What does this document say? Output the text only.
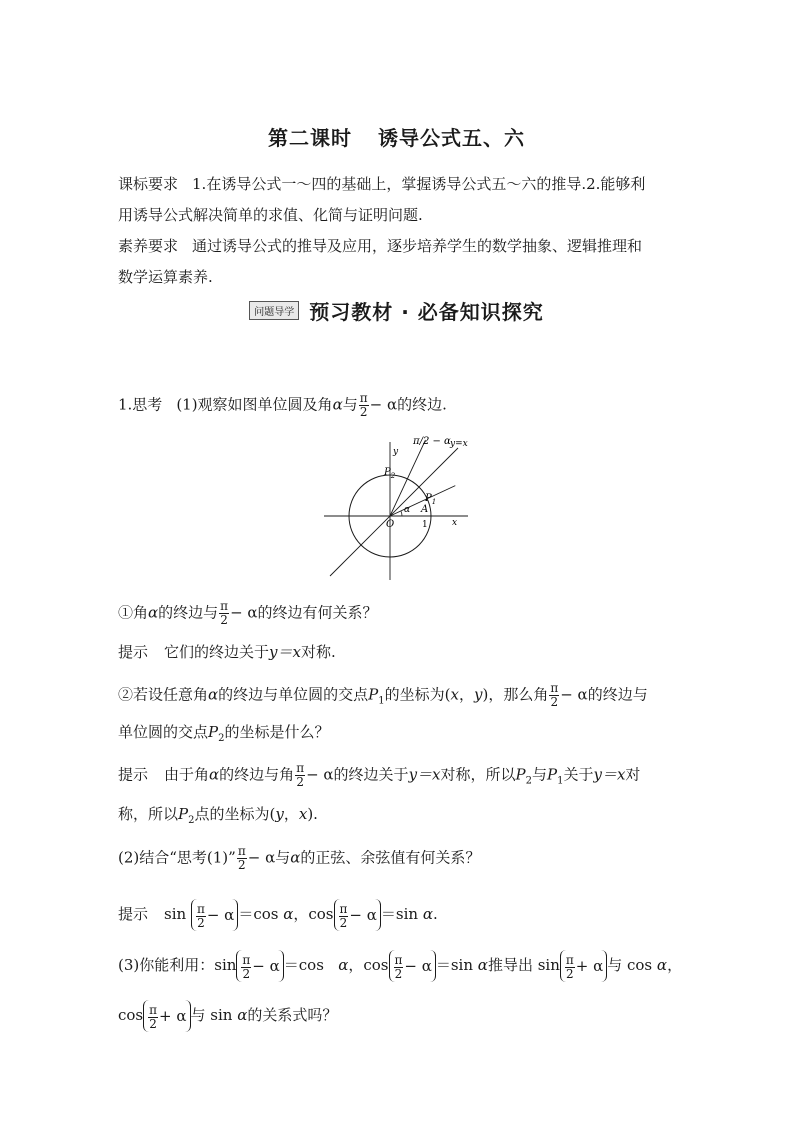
第二课时 诱导公式五、六
课标要求 1.在诱导公式一～四的基础上，掌握诱导公式五～六的推导.2.能够利
用诱导公式解决简单的求值、化简与证明问题.
素养要求 通过诱导公式的推导及应用，逐步培养学生的数学抽象、逻辑推理和
数学运算素养.
问题导学 预习教材 · 必备知识探究
1.思考 (1)观察如图单位圆及角α与 $\frac{\pi}{2} - \alpha$的终边.
π/2 − α y=x
y
x
$P_2$
$P_1$
A
α
O	1
①角α的终边与 $\frac{\pi}{2} - \alpha$的终边有何关系？
提示 它们的终边关于y＝x对称.
②若设任意角α的终边与单位圆的交点$P_1$的坐标为(x，y)，那么角 $\frac{\pi}{2} - \alpha$的终边与
单位圆的交点$P_2$的坐标是什么？
提示 由于角α的终边与角 $\frac{\pi}{2} - \alpha$的终边关于y＝x对称，所以$P_2$与$P_1$关于y＝x对
称，所以$P_2$点的坐标为(y，x).
(2)结合“思考(1)” $\frac{\pi}{2} - \alpha$与α的正弦、余弦值有何关系？
提示 $\sin \frac{\pi}{2} - \alpha =\cos$ α，$\cos \frac{\pi}{2} - \alpha =\sin$ α.
(3)你能利用：$\sin \frac{\pi}{2} - \alpha =\cos$ α，$\cos \frac{\pi}{2} - \alpha =\sin$ α推导出 $\sin \frac{\pi}{2} + \alpha$ 与 cos α，
$\cos \frac{\pi}{2} + \alpha$ 与 sin α的关系式吗？
